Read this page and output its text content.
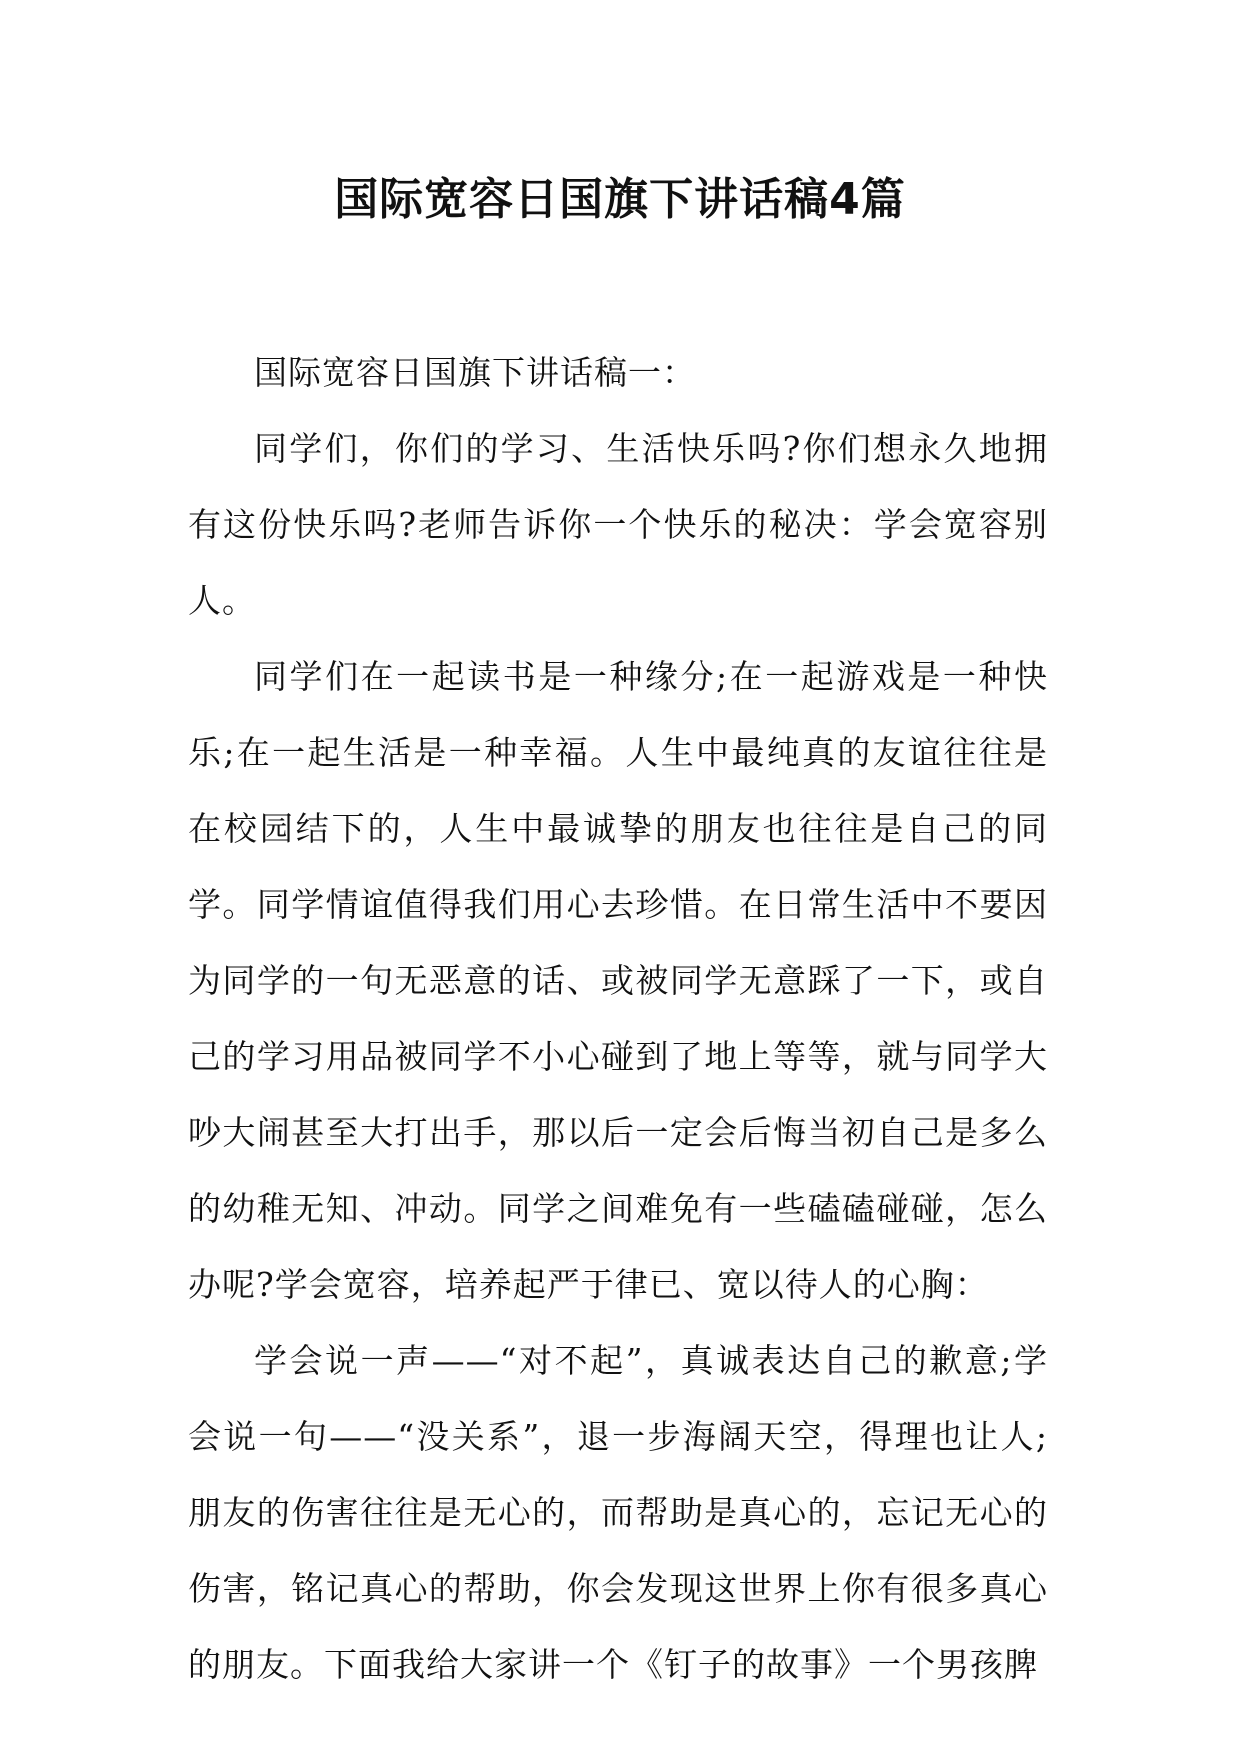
国际宽容日国旗下讲话稿4篇

国际宽容日国旗下讲话稿一：

同学们，你们的学习、生活快乐吗?你们想永久地拥有这份快乐吗?老师告诉你一个快乐的秘决：学会宽容别人。

同学们在一起读书是一种缘分;在一起游戏是一种快乐;在一起生活是一种幸福。人生中最纯真的友谊往往是在校园结下的，人生中最诚挚的朋友也往往是自己的同学。同学情谊值得我们用心去珍惜。在日常生活中不要因为同学的一句无恶意的话、或被同学无意踩了一下，或自己的学习用品被同学不小心碰到了地上等等，就与同学大吵大闹甚至大打出手，那以后一定会后悔当初自己是多么的幼稚无知、冲动。同学之间难免有一些磕磕碰碰，怎么办呢?学会宽容，培养起严于律已、宽以待人的心胸：

学会说一声——“对不起”，真诚表达自己的歉意;学会说一句——“没关系”，退一步海阔天空，得理也让人;朋友的伤害往往是无心的，而帮助是真心的，忘记无心的伤害，铭记真心的帮助，你会发现这世界上你有很多真心的朋友。下面我给大家讲一个《钉子的故事》一个男孩脾
